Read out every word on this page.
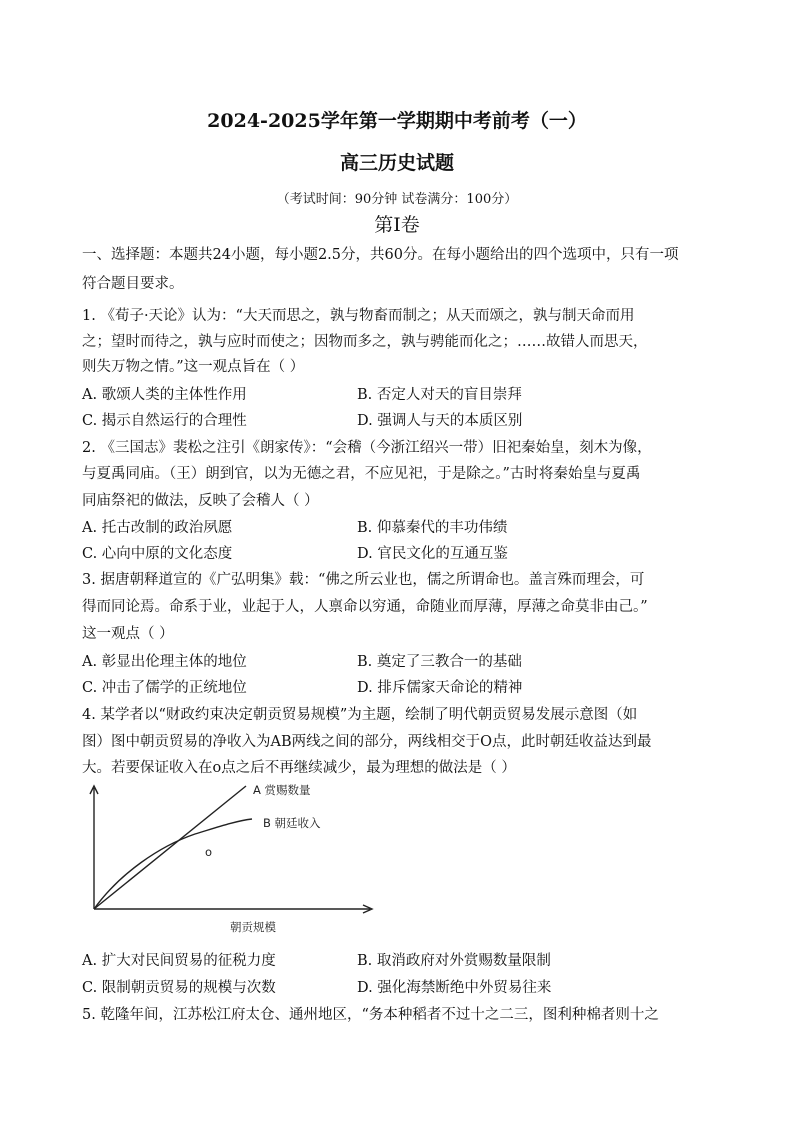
2024-2025学年第一学期期中考前考（一）
高三历史试题
（考试时间：90分钟 试卷满分：100分）
第Ⅰ卷
一、选择题：本题共24小题，每小题2.5分，共60分。在每小题给出的四个选项中，只有一项
符合题目要求。
1. 《荀子·天论》认为：“大天而思之，孰与物畜而制之；从天而颂之，孰与制天命而用
之；望时而待之，孰与应时而使之；因物而多之，孰与骋能而化之；……故错人而思天，
则失万物之情。”这一观点旨在（ ）
A. 歌颂人类的主体性作用	B. 否定人对天的盲目崇拜
C. 揭示自然运行的合理性	D. 强调人与天的本质区别
2. 《三国志》裴松之注引《朗家传》：“会稽（今浙江绍兴一带）旧祀秦始皇，刻木为像，
与夏禹同庙。（王）朗到官，以为无德之君，不应见祀，于是除之。”古时将秦始皇与夏禹
同庙祭祀的做法，反映了会稽人（ ）
A. 托古改制的政治夙愿	B. 仰慕秦代的丰功伟绩
C. 心向中原的文化态度	D. 官民文化的互通互鉴
3. 据唐朝释道宣的《广弘明集》载：“佛之所云业也，儒之所谓命也。盖言殊而理会，可
得而同论焉。命系于业，业起于人，人禀命以穷通，命随业而厚薄，厚薄之命莫非由己。”
这一观点（ ）
A. 彰显出伦理主体的地位	B. 奠定了三教合一的基础
C. 冲击了儒学的正统地位	D. 排斥儒家天命论的精神
4. 某学者以“财政约束决定朝贡贸易规模”为主题，绘制了明代朝贡贸易发展示意图（如
图）图中朝贡贸易的净收入为AB两线之间的部分，两线相交于O点，此时朝廷收益达到最
大。若要保证收入在o点之后不再继续减少，最为理想的做法是（ ）
A 赏赐数量
B 朝廷收入
o
朝贡规模
A. 扩大对民间贸易的征税力度	B. 取消政府对外赏赐数量限制
C. 限制朝贡贸易的规模与次数	D. 强化海禁断绝中外贸易往来
5. 乾隆年间，江苏松江府太仓、通州地区，“务本种稻者不过十之二三，图利种棉者则十之
